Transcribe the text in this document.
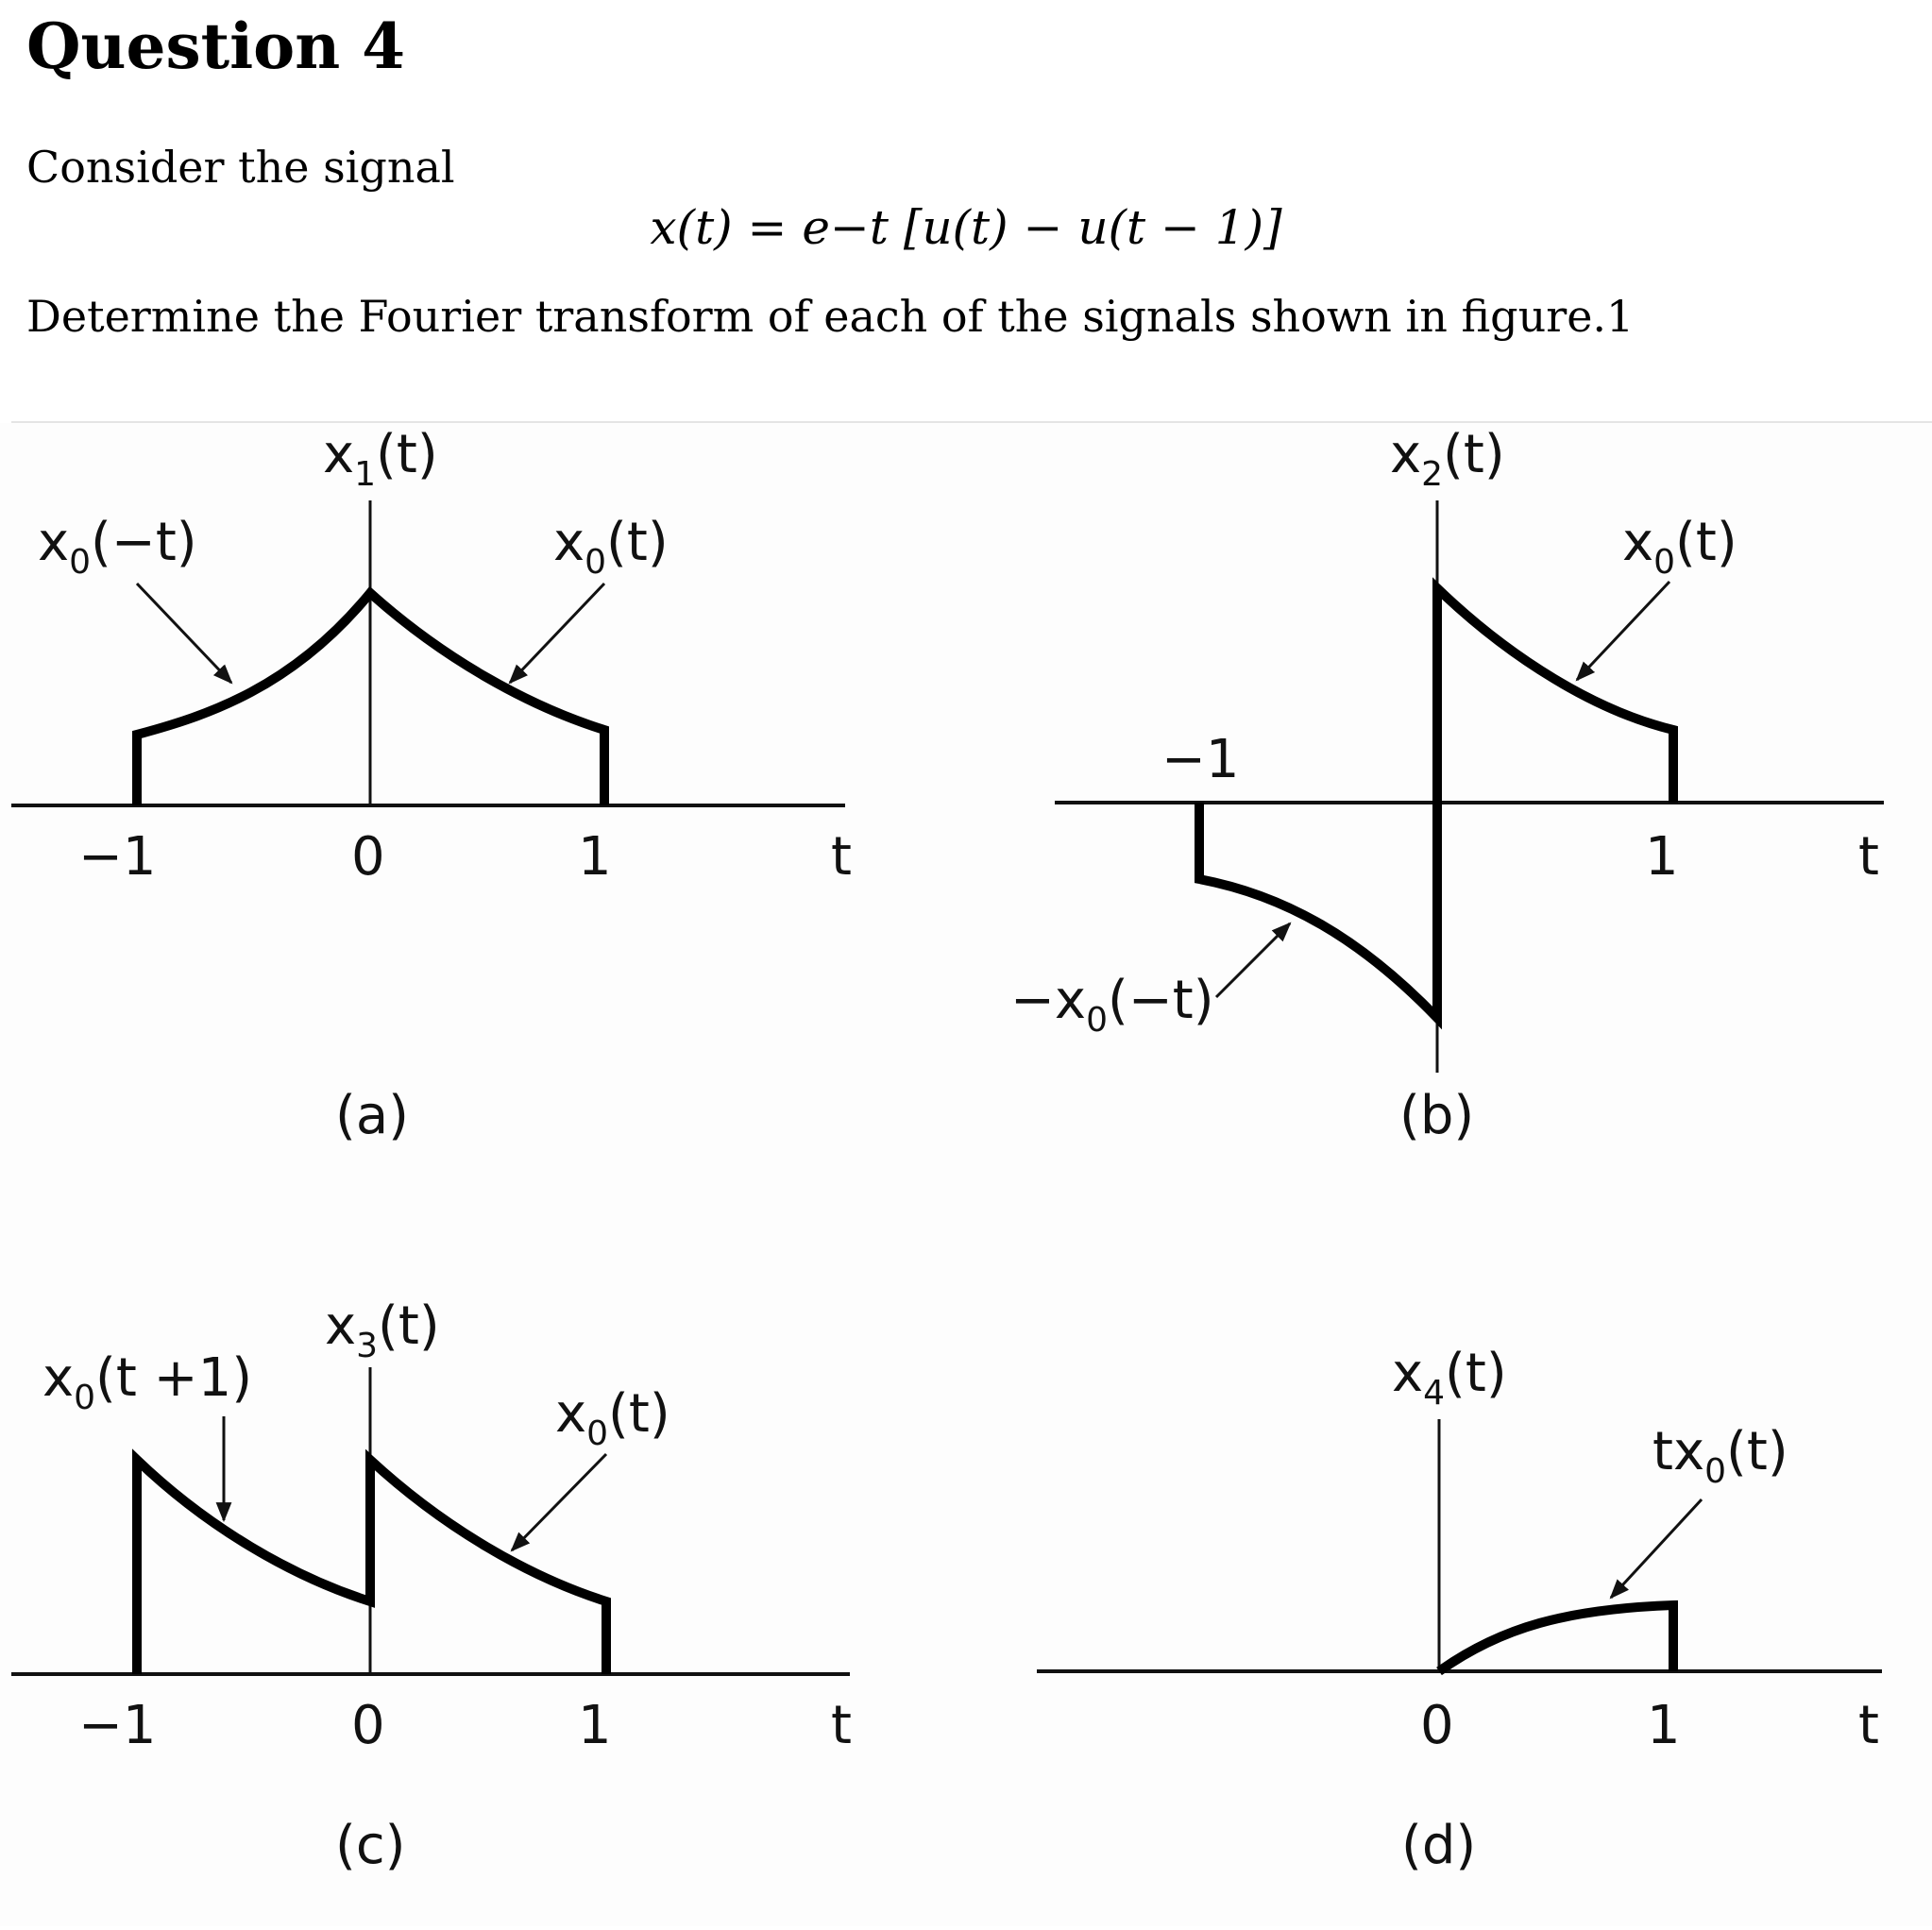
Question 4
Consider the signal
x(t) = e−t [u(t) − u(t − 1)]
Determine the Fourier transform of each of the signals shown in figure.1
$x_1(t)$
$x_0(-t)$	$x_0(t)$
−1	0	1	t
(a)
$x_2(t)$
$x_0(t)$
$-x_0(-t)$
−1
1	t
(b)
$x_3(t)$
$x_0(t +1)$
$x_0(t)$
−1	0	1	t
(c)
$x_4(t)$
$tx_0(t)$
0	1	t
(d)
